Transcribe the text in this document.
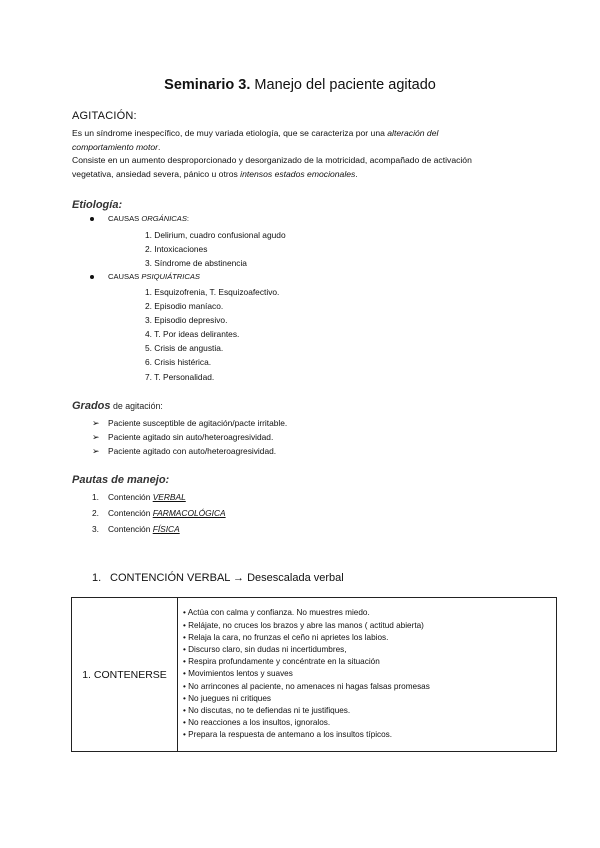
Seminario 3. Manejo del paciente agitado
AGITACIÓN:
Es un síndrome inespecífico, de muy variada etiología, que se caracteriza por una alteración del
comportamiento motor.
Consiste en un aumento desproporcionado y desorganizado de la motricidad, acompañado de activación
vegetativa, ansiedad severa, pánico u otros intensos estados emocionales.
Etiología:
CAUSAS ORGÁNICAS:
1. Delirium, cuadro confusional agudo
2. Intoxicaciones
3. Síndrome de abstinencia
CAUSAS PSIQUIÁTRICAS
1. Esquizofrenia, T. Esquizoafectivo.
2. Episodio maníaco.
3. Episodio depresivo.
4. T. Por ideas delirantes.
5. Crisis de angustia.
6. Crisis histérica.
7. T. Personalidad.
Grados de agitación:
➢ Paciente susceptible de agitación/pacte irritable.
➢ Paciente agitado sin auto/heteroagresividad.
➢ Paciente agitado con auto/heteroagresividad.
Pautas de manejo:
1. Contención VERBAL
2. Contención FARMACOLÓGICA
3. Contención FÍSICA
1. CONTENCIÓN VERBAL → Desescalada verbal
1. CONTENERSE	
• Actúa con calma y confianza. No muestres miedo.
• Relájate, no cruces los brazos y abre las manos ( actitud abierta)
• Relaja la cara, no frunzas el ceño ni aprietes los labios.
• Discurso claro, sin dudas ni incertidumbres,
• Respira profundamente y concéntrate en la situación
• Movimientos lentos y suaves
• No arrincones al paciente, no amenaces ni hagas falsas promesas
• No juegues ni critiques
• No discutas, no te defiendas ni te justifiques.
• No reacciones a los insultos, ignoralos.
• Prepara la respuesta de antemano a los insultos típicos.
